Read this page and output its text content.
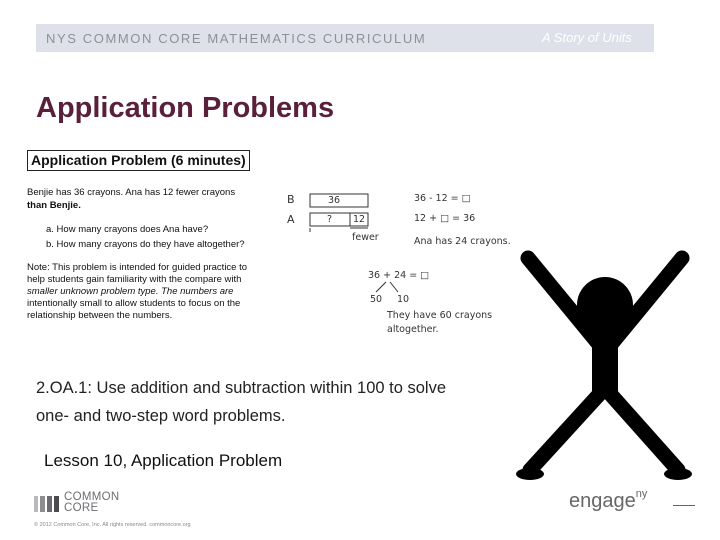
NYS COMMON CORE MATHEMATICS CURRICULUM	A Story of Units
Application Problems
Application Problem (6 minutes)
Benjie has 36 crayons. Ana has 12 fewer crayons
than Benjie.
a. How many crayons does Ana have?
b. How many crayons do they have altogether?
Note: This problem is intended for guided practice to
help students gain familiarity with the compare with
smaller unknown problem type. The numbers are
intentionally small to allow students to focus on the
relationship between the numbers.
B
A
36
? 12
fewer
36 - 12 = □
12 + □ = 36
Ana has 24 crayons.
36 + 24 = □
50 10
They have 60 crayons
altogether.
2.OA.1: Use addition and subtraction within 100 to solve
one- and two-step word problems.
Lesson 10, Application Problem
COMMON
CORE
© 2012 Common Core, Inc. All rights reserved. commoncore.org
engage$^{ny}$
